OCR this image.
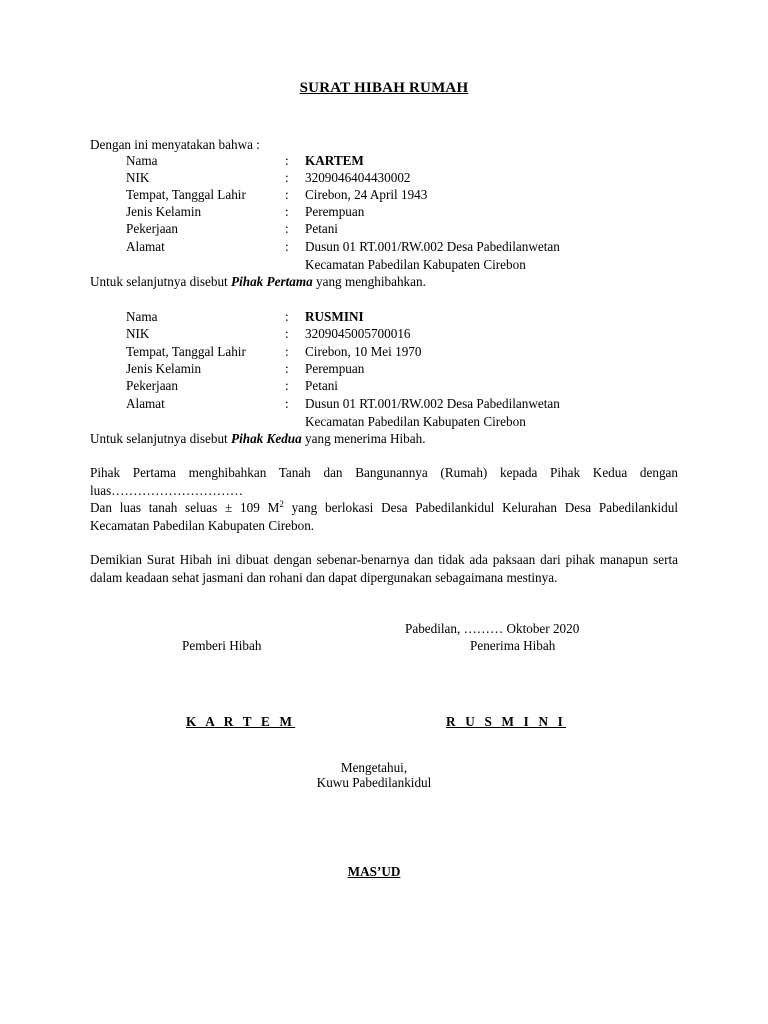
SURAT HIBAH RUMAH
Dengan ini menyatakan bahwa :
Nama	: KARTEM
NIK	: 3209046404430002
Tempat, Tanggal Lahir	: Cirebon, 24 April 1943
Jenis Kelamin	: Perempuan
Pekerjaan	: Petani
Alamat	: Dusun 01 RT.001/RW.002 Desa Pabedilanwetan
Kecamatan Pabedilan Kabupaten Cirebon
Untuk selanjutnya disebut Pihak Pertama yang menghibahkan.
Nama	: RUSMINI
NIK	: 3209045005700016
Tempat, Tanggal Lahir	: Cirebon, 10 Mei 1970
Jenis Kelamin	: Perempuan
Pekerjaan	: Petani
Alamat	: Dusun 01 RT.001/RW.002 Desa Pabedilanwetan
Kecamatan Pabedilan Kabupaten Cirebon
Untuk selanjutnya disebut Pihak Kedua yang menerima Hibah.
Pihak Pertama menghibahkan Tanah dan Bangunannya (Rumah) kepada Pihak Kedua dengan luas…………………………
Dan luas tanah seluas ± 109 $M^2$ yang berlokasi Desa Pabedilankidul Kelurahan Desa Pabedilankidul Kecamatan Pabedilan Kabupaten Cirebon.
Demikian Surat Hibah ini dibuat dengan sebenar-benarnya dan tidak ada paksaan dari pihak manapun serta dalam keadaan sehat jasmani dan rohani dan dapat dipergunakan sebagaimana mestinya.
Pabedilan, ……… Oktober 2020
Pemberi Hibah	Penerima Hibah
K A R T E M	R U S M I N I
Mengetahui,
Kuwu Pabedilankidul
MAS’UD
